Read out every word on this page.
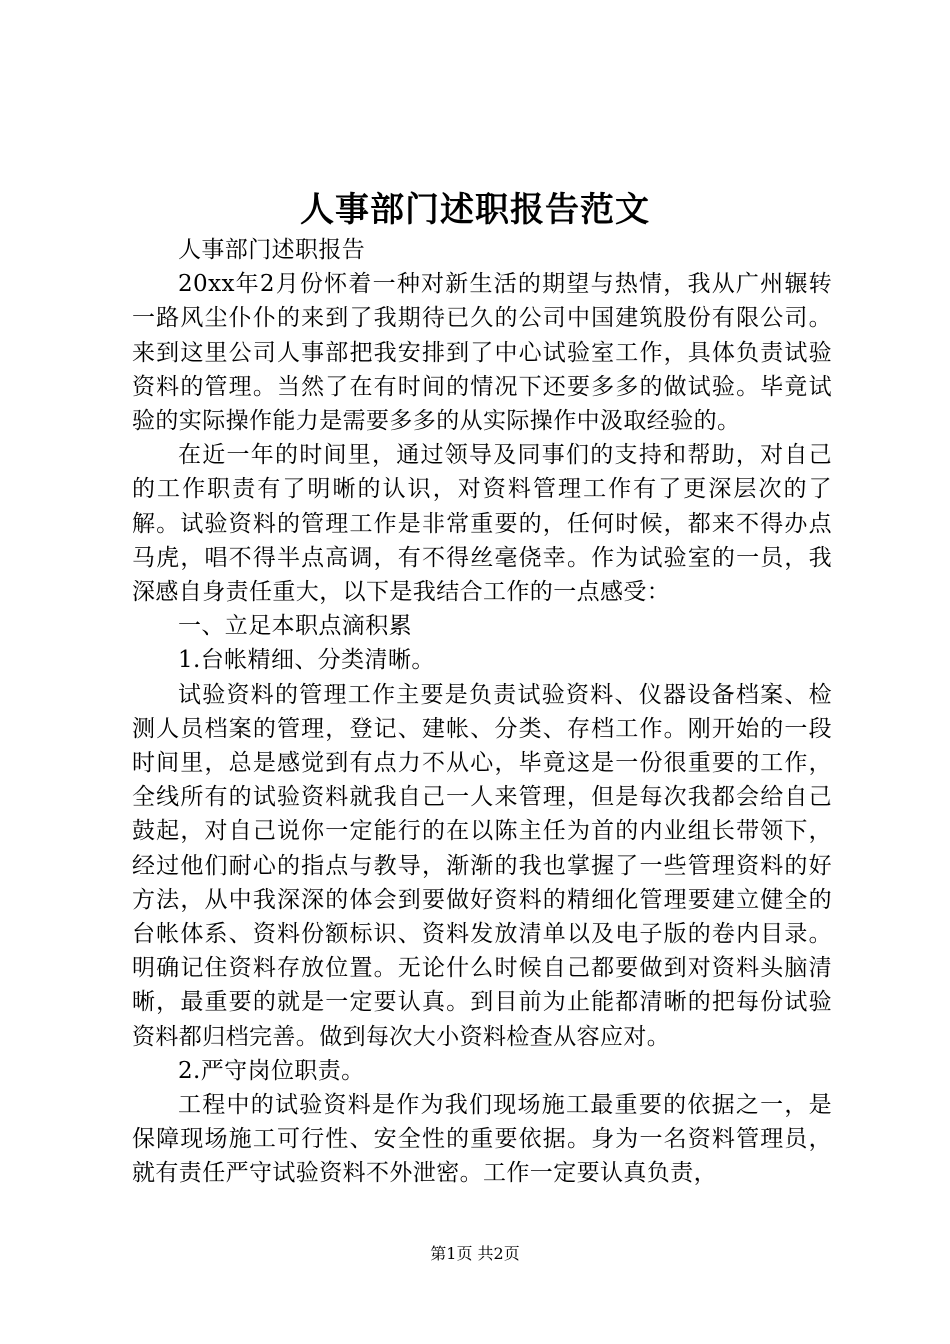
人事部门述职报告范文

人事部门述职报告

20xx年2月份怀着一种对新生活的期望与热情，我从广州辗转一路风尘仆仆的来到了我期待已久的公司中国建筑股份有限公司。来到这里公司人事部把我安排到了中心试验室工作，具体负责试验资料的管理。当然了在有时间的情况下还要多多的做试验。毕竟试验的实际操作能力是需要多多的从实际操作中汲取经验的。

在近一年的时间里，通过领导及同事们的支持和帮助，对自己的工作职责有了明晰的认识，对资料管理工作有了更深层次的了解。试验资料的管理工作是非常重要的，任何时候，都来不得办点马虎，唱不得半点高调，有不得丝毫侥幸。作为试验室的一员，我深感自身责任重大，以下是我结合工作的一点感受：

一、立足本职点滴积累

1.台帐精细、分类清晰。

试验资料的管理工作主要是负责试验资料、仪器设备档案、检测人员档案的管理，登记、建帐、分类、存档工作。刚开始的一段时间里，总是感觉到有点力不从心，毕竟这是一份很重要的工作，全线所有的试验资料就我自己一人来管理，但是每次我都会给自己鼓起，对自己说你一定能行的在以陈主任为首的内业组长带领下，经过他们耐心的指点与教导，渐渐的我也掌握了一些管理资料的好方法，从中我深深的体会到要做好资料的精细化管理要建立健全的台帐体系、资料份额标识、资料发放清单以及电子版的卷内目录。明确记住资料存放位置。无论什么时候自己都要做到对资料头脑清晰，最重要的就是一定要认真。到目前为止能都清晰的把每份试验资料都归档完善。做到每次大小资料检查从容应对。

2.严守岗位职责。

工程中的试验资料是作为我们现场施工最重要的依据之一，是保障现场施工可行性、安全性的重要依据。身为一名资料管理员，就有责任严守试验资料不外泄密。工作一定要认真负责，

第1页 共2页
